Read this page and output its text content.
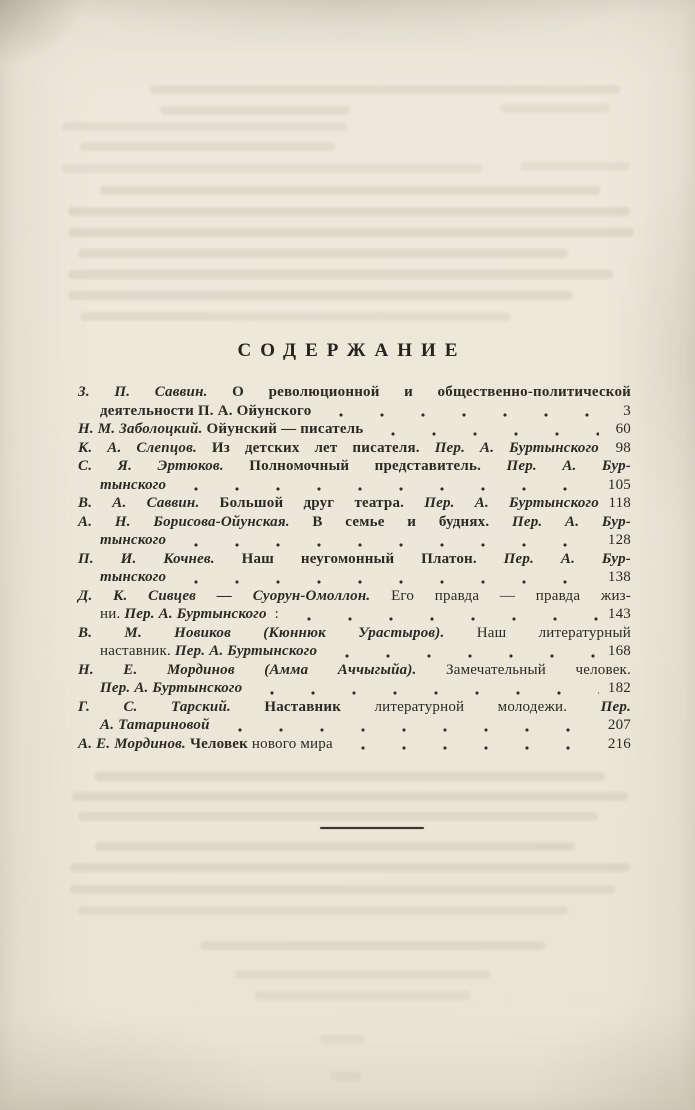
СОДЕРЖАНИЕ
З. П. Саввин. О революционной и общественно-политической
деятельности П. А. Ойунского	3
Н. М. Заболоцкий. Ойунский — писатель	60
К. А. Слепцов. Из детских лет писателя. Пер. А. Буртынского	98
С. Я. Эртюков. Полномочный представитель. Пер. А. Бур-
тынского	105
В. А. Саввин. Большой друг театра. Пер. А. Буртынского 118
А. Н. Борисова-Ойунская. В семье и буднях. Пер. А. Бур-
тынского	128
П. И. Кочнев. Наш неугомонный Платон. Пер. А. Бур-
тынского	138
Д. К. Сивцев — Суорун-Омоллон. Его правда — правда жиз-
ни. Пер. А. Буртынского  :	143
В. М. Новиков (Кюннюк Урастыров). Наш литературный
наставник. Пер. А. Буртынского	168
Н. Е. Мординов (Амма Аччыгыйа). Замечательный человек.
Пер. А. Буртынского	182
Г. С. Тарский. Наставник литературной молодежи. Пер.
А. Татариновой	207
А. Е. Мординов. Человек нового мира	216
